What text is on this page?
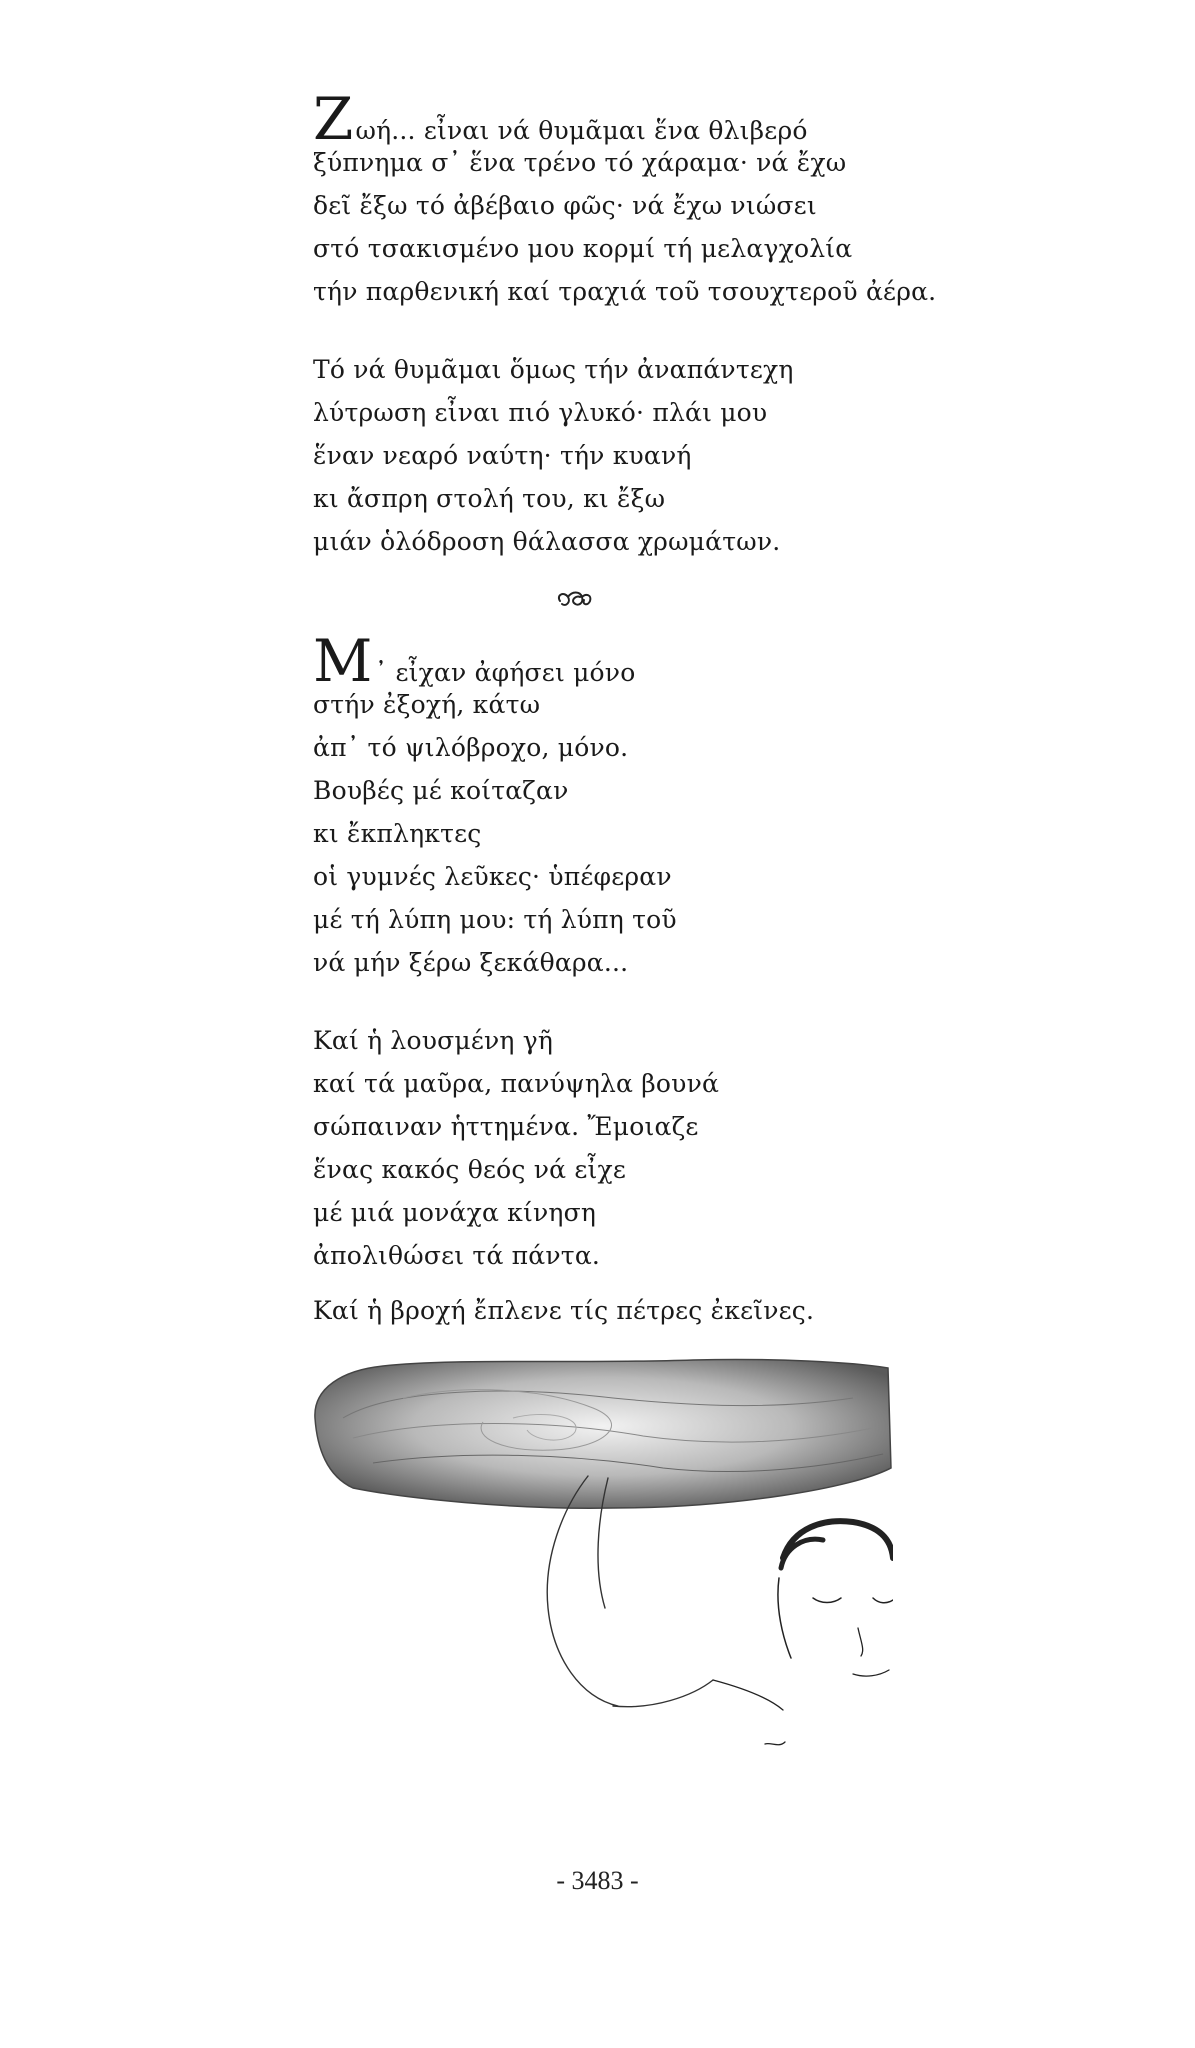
Zωή... εἶναι νά θυμᾶμαι ἕνα θλιβερό
ξύπνημα σ᾽ ἕνα τρένο τό χάραμα· νά ἔχω
δεῖ ἔξω τό ἀβέβαιο φῶς· νά ἔχω νιώσει
στό τσακισμένο μου κορμί τή μελαγχολία
τήν παρθενική καί τραχιά τοῦ τσουχτεροῦ ἀέρα.
Τό νά θυμᾶμαι ὅμως τήν ἀναπάντεχη
λύτρωση εἶναι πιό γλυκό· πλάι μου
ἕναν νεαρό ναύτη· τήν κυανή
κι ἄσπρη στολή του, κι ἔξω
μιάν ὁλόδροση θάλασσα χρωμάτων.
M᾽ εἶχαν ἀφήσει μόνο
στήν ἐξοχή, κάτω
ἀπ᾽ τό ψιλόβροχο, μόνο.
Βουβές μέ κοίταζαν
κι ἔκπληκτες
οἱ γυμνές λεῦκες· ὑπέφεραν
μέ τή λύπη μου: τή λύπη τοῦ
νά μήν ξέρω ξεκάθαρα...
Καί ἡ λουσμένη γῆ
καί τά μαῦρα, πανύψηλα βουνά
σώπαιναν ἡττημένα. Ἔμοιαζε
ἕνας κακός θεός νά εἶχε
μέ μιά μονάχα κίνηση
ἀπολιθώσει τά πάντα.
Καί ἡ βροχή ἔπλενε τίς πέτρες ἐκεῖνες.
- 3483 -
